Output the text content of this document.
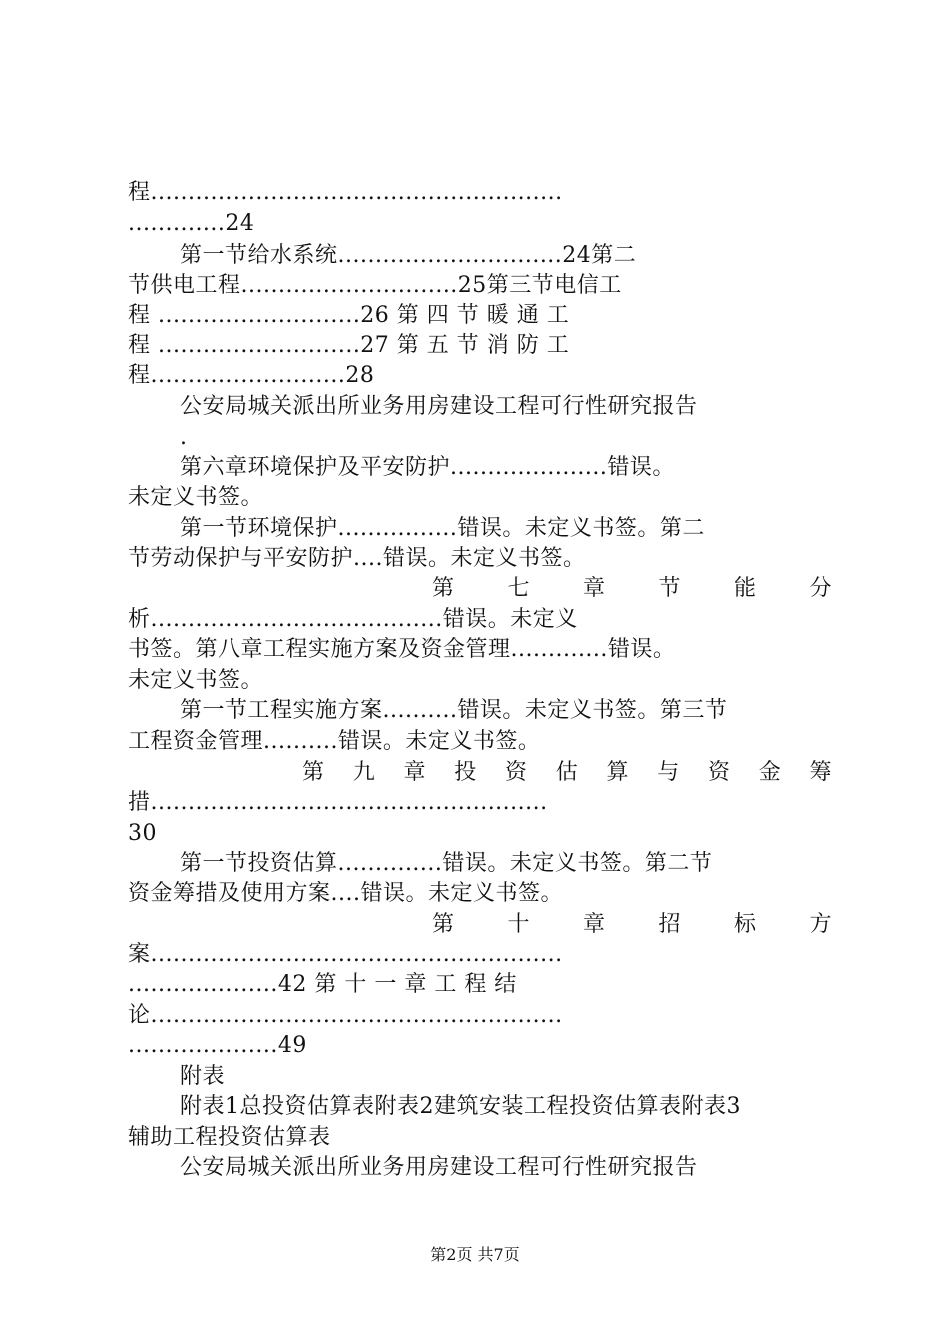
程.......................................................
.............24
第一节给水系统..............................24第二
节供电工程.............................25第三节电信工
程 ...........................26 第 四 节 暖 通 工
程 ...........................27 第 五 节 消 防 工
程..........................28
公安局城关派出所业务用房建设工程可行性研究报告
.
第六章环境保护及平安防护.....................错误。
未定义书签。
第一节环境保护................错误。未定义书签。第二
节劳动保护与平安防护....错误。未定义书签。
第 七 章 节 能 分
析.......................................错误。未定义
书签。第八章工程实施方案及资金管理.............错误。
未定义书签。
第一节工程实施方案..........错误。未定义书签。第三节
工程资金管理..........错误。未定义书签。
第 九 章 投 资 估 算 与 资 金 筹
措.....................................................
30
第一节投资估算..............错误。未定义书签。第二节
资金筹措及使用方案....错误。未定义书签。
第 十 章 招 标 方
案.......................................................
....................42 第 十 一 章 工 程 结
论.......................................................
....................49
附表
附表1总投资估算表附表2建筑安装工程投资估算表附表3
辅助工程投资估算表
公安局城关派出所业务用房建设工程可行性研究报告
第2页 共7页
